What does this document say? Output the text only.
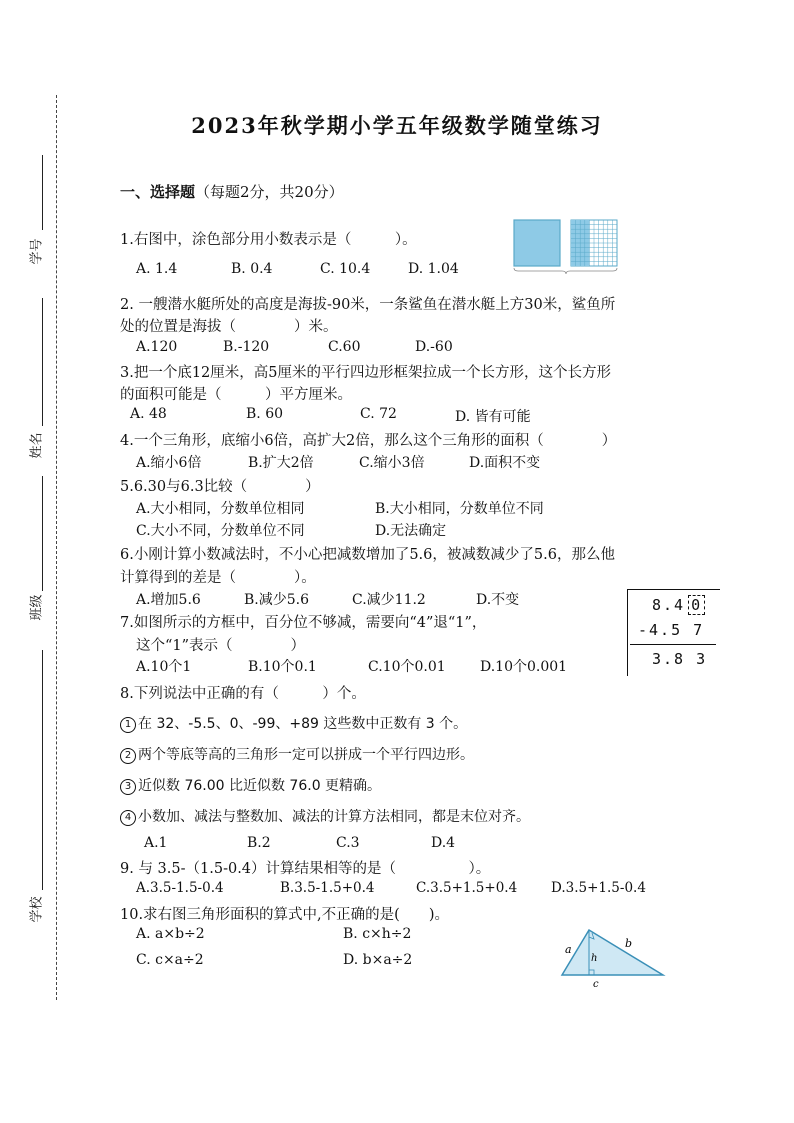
学号
姓名
班级
学校
2023年秋学期小学五年级数学随堂练习
一、选择题（每题2分，共20分）
1.右图中，涂色部分用小数表示是（　　　）。
A. 1.4	B. 0.4	C. 10.4	D. 1.04
2. 一艘潜水艇所处的高度是海拔-90米，一条鲨鱼在潜水艇上方30米，鲨鱼所
处的位置是海拔（　　　　）米。
A.120	B.-120	C.60	D.-60
3.把一个底12厘米，高5厘米的平行四边形框架拉成一个长方形，这个长方形
的面积可能是（　　　）平方厘米。
A. 48	B. 60	C. 72	D. 皆有可能
4.一个三角形，底缩小6倍，高扩大2倍，那么这个三角形的面积（　　　　）
A.缩小6倍	B.扩大2倍	C.缩小3倍	D.面积不变
5.6.30与6.3比较（　　　　）
A.大小相同，分数单位相同	B.大小相同，分数单位不同
C.大小不同，分数单位不同	D.无法确定
6.小刚计算小数减法时，不小心把减数增加了5.6，被减数减少了5.6，那么他
计算得到的差是（　　　　）。
A.增加5.6	B.减少5.6	C.减少11.2	D.不变
7.如图所示的方框中，百分位不够减，需要向“4”退“1”，
这个“1”表示（　　　　）
A.10个1	B.10个0.1	C.10个0.01 D.10个0.001
8.4 0
-4.5 7
3.8 3
8.下列说法中正确的有（　　　）个。
1 在 32、-5.5、0、-99、+89 这些数中正数有 3 个。
2 两个等底等高的三角形一定可以拼成一个平行四边形。
3 近似数 76.00 比近似数 76.0 更精确。
4 小数加、减法与整数加、减法的计算方法相同，都是末位对齐。
A.1	B.2	C.3	D.4
9. 与 3.5-（1.5-0.4）计算结果相等的是（　　　　　）。
A.3.5-1.5-0.4	B.3.5-1.5+0.4	C.3.5+1.5+0.4	D.3.5+1.5-0.4
10.求右图三角形面积的算式中,不正确的是(　　)。
A. a×b÷2	B. c×h÷2
C. c×a÷2	D. b×a÷2
a	b
h
c
